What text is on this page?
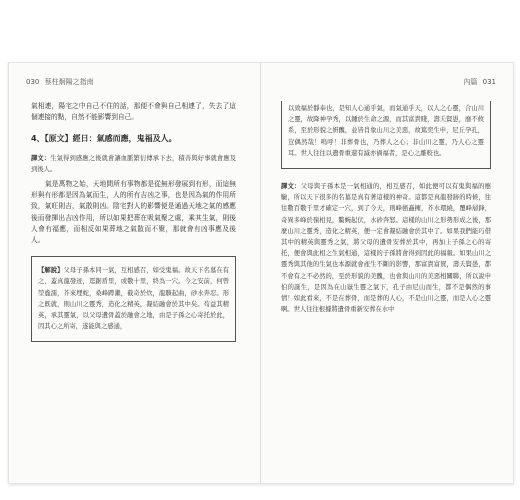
030 蔡柱炯陽之指南

氣相連，陽宅之中自己不住的話，那便不會與自己相連了，失去了這個連接的點，自然不能影響到自己。

4、【原文】經日：氣感而應，鬼福及人。

譯文：生氣得到感應之後就會讓血脈繁衍傳承下去，積善與好事就會應及到後人。

氣是萬物之始，天地間所有事物都是從無形發展到有形，而這無形與有形都是因為氣而生，人的所有吉凶之事，也是因為氣的作用所致，氣旺則吉，氣散則凶。陰宅對人的影響便是通過天地之氣的感應後而發揮出吉凶作用，所以如果把葬在吸氣聚之處，乘其生氣，則後人會有福應，而相反如果葬地之氣散而不聚，那就會有凶事應及後人。

【解說】父母子孫本同一氣，互相感召，如受鬼福。故天下名墓在有之，蓋真龍發迹，逕踞盾里，或數十里，終為一穴。今之安前，何曾塋麁濡，芥來埋蛇，桑峰蹲瀨，截奇於炊，龍駭起曲，砂水奔忍。形之既就，則山川之靈秀，造化之精英，凝結融會於其中矣。苟益其精英，承其靈氣，以父母遺骨蓋於融會之地，由是子孫之心寄托於此，因其心之所寄，遂能與之感通，

內篇 031

以致福於靜奉也，是知人心通乎氣，而氣通乎天，以人之心靈，合山川之靈，故降神孕秀，以鍾於生命之源，而其富貴賤，壽夭賢愚，靡不攸系，至於形貌之妍醜，並皆肖象山川之美惡，故篤奕生申，尼丘孕孔，豈偶然哉！嗚呼！非葬骨也，乃葬人之心；非山川之靈，乃人心之靈耳。世人往往以遺骨重還有滅亦禍福者，是心之離較也。

譯文：父母與子孫本是一氣相通的，相互感召，如此便可以有鬼與福的應驗，所以天下很多的名墓是真有著這樣的神奇。這都是真龍發跡的時候，往往數百數千里才確定一穴，到了今天，則峰巒矗擁，芥水環繞，覆峰層鋒，奇異多峰於嶺相見，鰲蜿起伏，水砂奔怒。這樣的山川之形勢形成之後，那麼山川之靈秀，造化之精英，便一定會凝結融會於其中了。如果我們能巧借其中的精英與靈秀之氣，將父母的遺骨安葬於其中，再加上子孫之心的寄托，便會與此相之生氣相通，這樣的子孫將會得到因此的福報。如果山川之靈秀與其他的生氣也本源就會產生不斷的影響，那富貴富賀，壽夭賢愚，都不會有之不必然的，至於形貌的美醜，也會與山川的美惡相關聯，所以說申伯的誕生，是因為在山嶽生靈之氣下，孔子由尼山而生，都不是偶然的事情！如此看來，不是在葬骨，而是葬的人心，不是山川之靈，而是人心之靈啊。世人往往根據將遺骨重新安葬在水中
